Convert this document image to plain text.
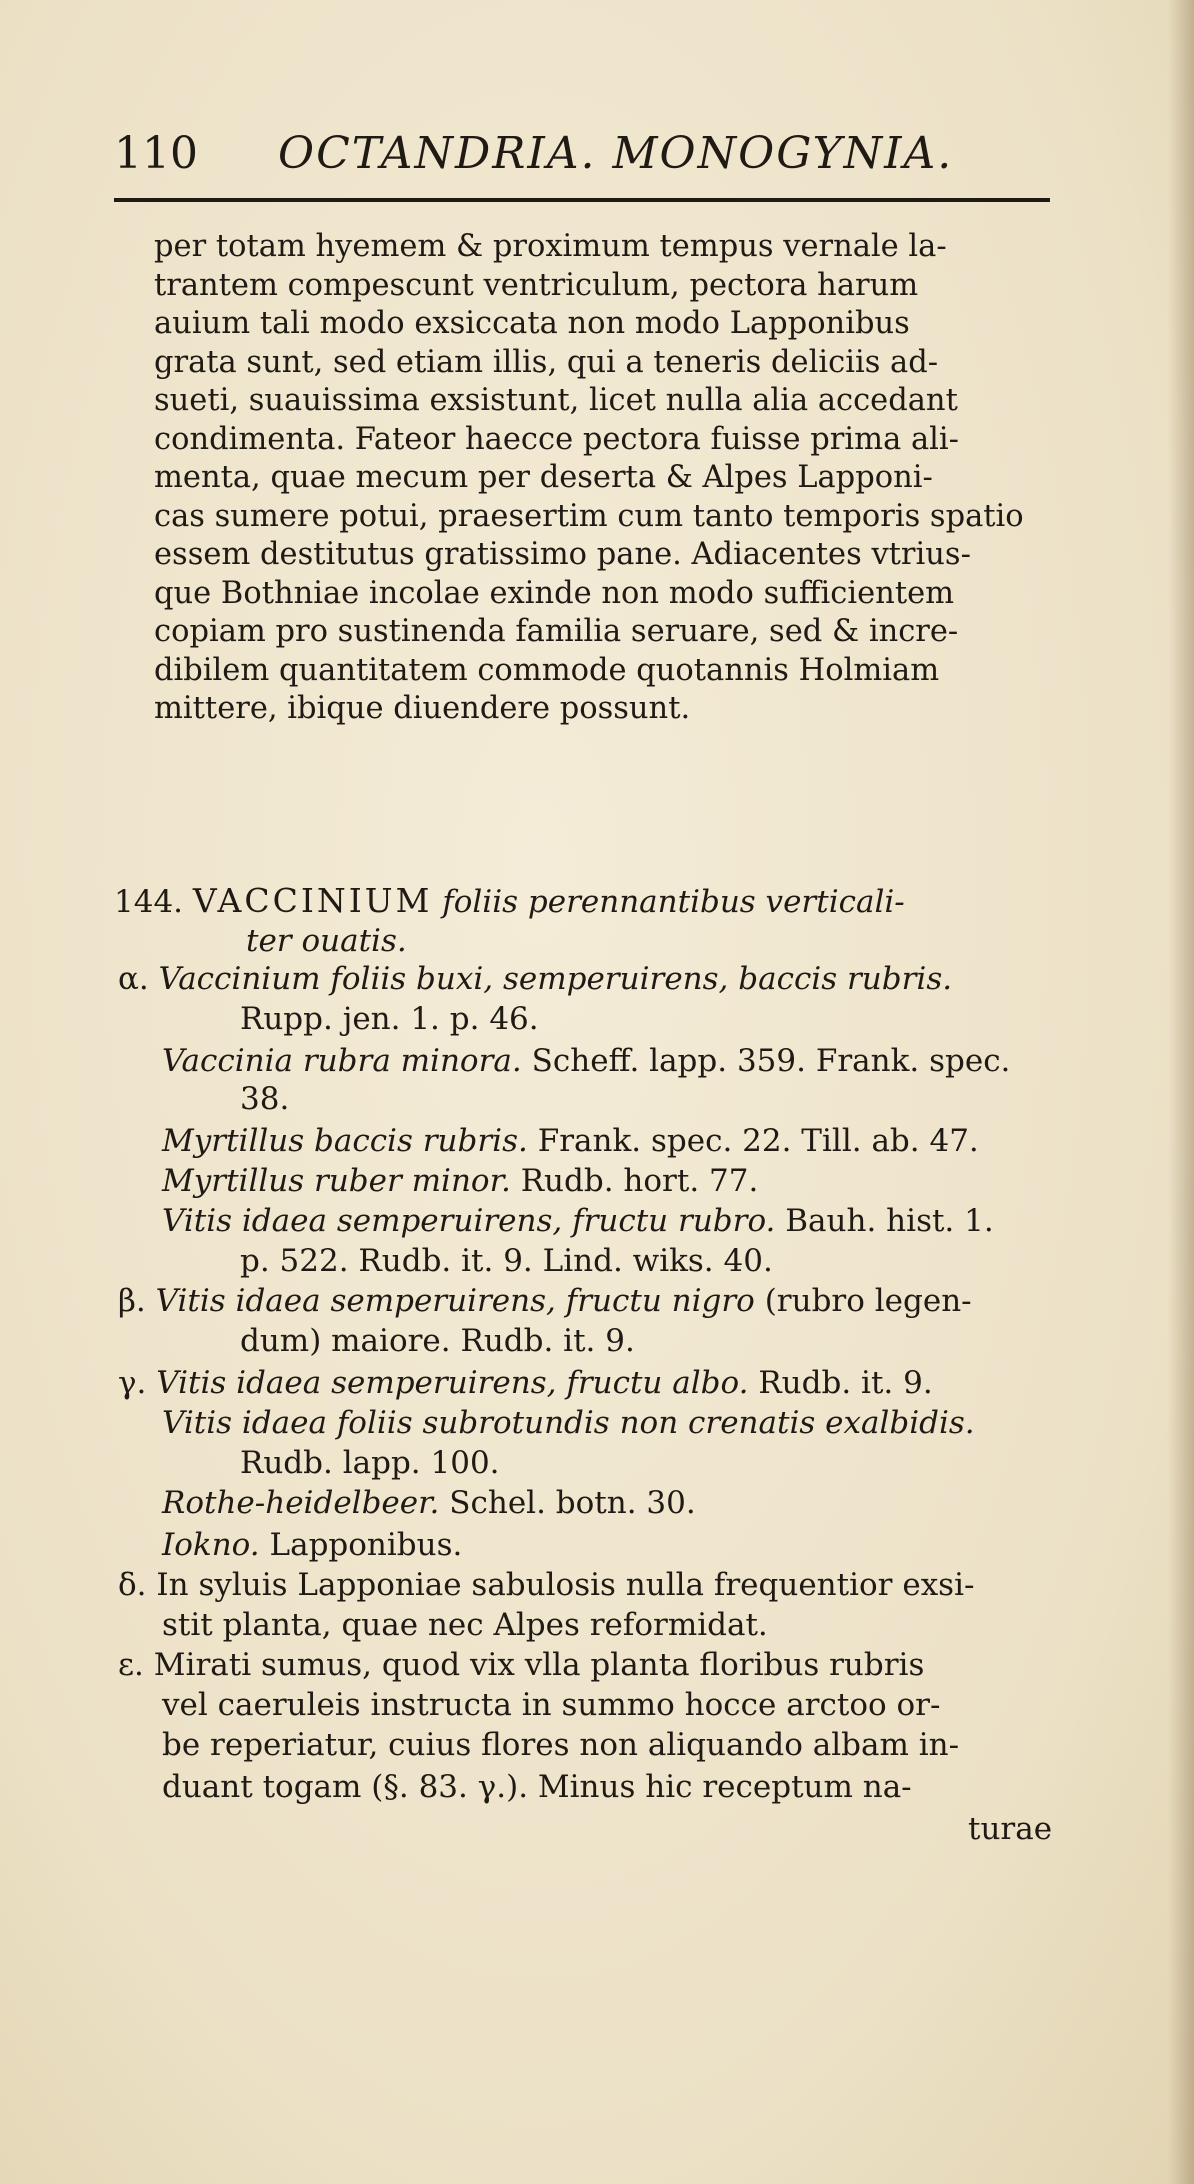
110 OCTANDRIA. MONOGYNIA.
per totam hyemem & proximum tempus vernale la-
trantem compescunt ventriculum, pectora harum
auium tali modo exsiccata non modo Lapponibus
grata sunt, sed etiam illis, qui a teneris deliciis ad-
sueti, suauissima exsistunt, licet nulla alia accedant
condimenta. Fateor haecce pectora fuisse prima ali-
menta, quae mecum per deserta & Alpes Lapponi-
cas sumere potui, praesertim cum tanto temporis spatio
essem destitutus gratissimo pane. Adiacentes vtrius-
que Bothniae incolae exinde non modo sufficientem
copiam pro sustinenda familia seruare, sed & incre-
dibilem quantitatem commode quotannis Holmiam
mittere, ibique diuendere possunt.
144. VACCINIUM foliis perennantibus verticali-
ter ouatis.
α. Vaccinium foliis buxi, semperuirens, baccis rubris.
Rupp. jen. 1. p. 46.
Vaccinia rubra minora. Scheff. lapp. 359. Frank. spec.
38.
Myrtillus baccis rubris. Frank. spec. 22. Till. ab. 47.
Myrtillus ruber minor. Rudb. hort. 77.
Vitis idaea semperuirens, fructu rubro. Bauh. hist. 1.
p. 522. Rudb. it. 9. Lind. wiks. 40.
β. Vitis idaea semperuirens, fructu nigro (rubro legen-
dum) maiore. Rudb. it. 9.
γ. Vitis idaea semperuirens, fructu albo. Rudb. it. 9.
Vitis idaea foliis subrotundis non crenatis exalbidis.
Rudb. lapp. 100.
Rothe-heidelbeer. Schel. botn. 30.
Iokno. Lapponibus.
δ. In syluis Lapponiae sabulosis nulla frequentior exsi-
stit planta, quae nec Alpes reformidat.
ε. Mirati sumus, quod vix vlla planta floribus rubris
vel caeruleis instructa in summo hocce arctoo or-
be reperiatur, cuius flores non aliquando albam in-
duant togam (§. 83. γ.). Minus hic receptum na-
turae
